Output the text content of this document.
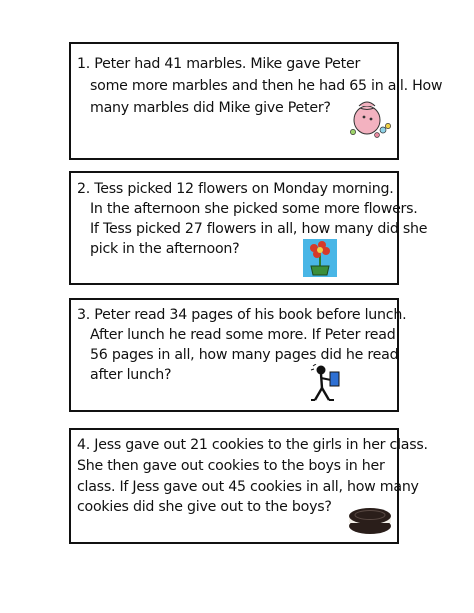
1. Peter had 41 marbles. Mike gave Peter
some more marbles and then he had 65 in all. How
many marbles did Mike give Peter?
2. Tess picked 12 flowers on Monday morning.
In the afternoon she picked some more flowers.
If Tess picked 27 flowers in all, how many did she
pick in the afternoon?
3. Peter read 34 pages of his book before lunch.
After lunch he read some more. If Peter read
56 pages in all, how many pages did he read
after lunch?
4. Jess gave out 21 cookies to the girls in her class.
She then gave out cookies to the boys in her
class. If Jess gave out 45 cookies in all, how many
cookies did she give out to the boys?
